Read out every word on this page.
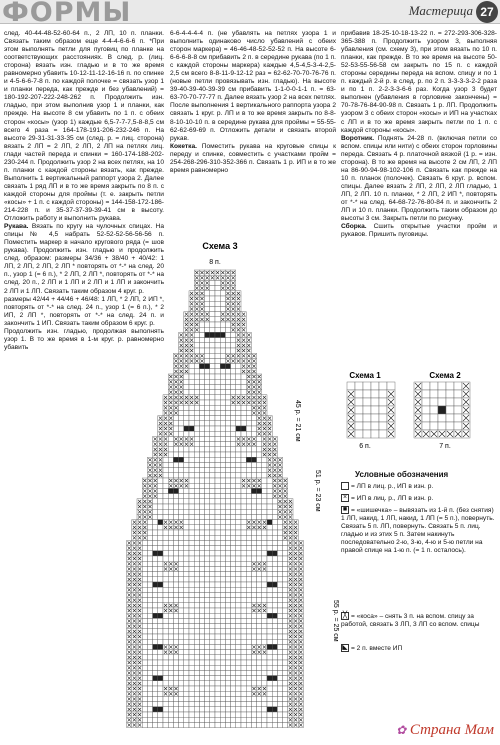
ФОРМЫ	Мастерица 27

след. 40-44-48-52-60-64 п., 2 ЛП, 10 п. планки. Связать таким образом еще 4-4-4-6-6-6 п. *При этом выполнять петли для пуговиц по планке на соответствующих расстояниях. В след. р. (лиц. сторона) вязать изн. гладью и в то же время равномерно убавить 10-12-11-12-16-16 п. по спинке и 4-5-6-6-7-8 п. по каждой полочке = связать узор 1 и планки переда, как прежде и без убавлений) = 180-192-207-222-248-262 п. Продолжить изн. гладью, при этом выполнив узор 1 и планки, как прежде. На высоте 8 см убавить по 1 п. с обеих сторон «косы» (узор 1) каждые 6,5-7-7-7,5-8-8,5 см всего 4 раза = 164-178-191-206-232-246 п. На высоте 29-31-31-33-35 см (след. р. = лиц. сторона) вязать 2 ЛП = 2 ЛП, 2 ЛП, 2 ЛП на петлях лиц. глади частей переда и спинки = 160-174-188-202-230-244 п. Продолжить узор 2 на всех петлях, на 10 п. планки с каждой стороны вязать, как прежде. Выполнить 1 вертикальный раппорт узора 2. Далее связать 1 ряд ЛП и в то же время закрыть по 8 п. с каждой стороны для проймы (т. е. закрыть петли «косы» + 1 п. с каждой стороны) = 144-158-172-186-214-228 п. и 35-37-37-39-39-41 см в высоту. Отложить работу и выполнить рукава.

Рукава. Вязать по кругу на чулочных спицах. На спицы № 4,5 набрать 52-52-52-56-56-56 п. Поместить маркер в начало кругового ряда (= шов рукава). Продолжить изн. гладью и продолжить след. образом: размеры 34/36 + 38/40 + 40/42: 1 ЛП, 2 ЛП, 2 ЛП, 2 ЛП * повторять от *-* на след. 20 п., узор 1 (= 6 п.), * 2 ЛП, 2 ЛП *, повторять от *-* на след. 20 п., 2 ЛП и 1 ЛП и 2 ЛП и 1 ЛП и закончить 2 ЛП и 1 ЛП. Связать таким образом 4 круг. р.

размеры 42/44 + 44/46 + 46/48: 1 ЛП, * 2 ЛП, 2 ИП *, повторять от *-* на след. 24 п., узор 1 (= 6 п.), * 2 ИП, 2 ЛП *, повторять от *-* на след. 24 п. и закончить 1 ИП. Связать таким образом 6 круг. р.

Продолжить изн. гладью, продолжая выполнять узор 1. В то же время в 1-м круг. р. равномерно убавить

6-6-4-4-4-4 п. (не убавлять на петлях узора 1 и выполнить одинаково число убавлений с обеих сторон маркера) = 46-46-48-52-52-52 п. На высоте 6-6-6-6-8-8 см прибавить 2 п. в середине рукава (по 1 п. с каждой стороны маркера) каждые 4,5-4,5-3-4-2,5-2,5 см всего 8-8-11-9-12-12 раз = 62-62-70-70-76-76 п. (новые петли провязывать изн. гладью). На высоте 39-40-39-40-39-39 см прибавить 1-1-0-0-1-1 п. = 63-63-70-70-77-77 п. Далее вязать узор 2 на всех петлях. После выполнения 1 вертикального раппорта узора 2 связать 1 круг. р. ЛП и в то же время закрыть по 8-8-8-10-10-10 п. в середине рукава для проймы = 55-55-62-62-69-69 п. Отложить детали и связать второй рукав.

Кокетка. Поместить рукава на круговые спицы к переду и спинке, совместить с участками пройм = 254-268-296-310-352-366 п. Связать 1 р. ИП и в то же время равномерно

прибавив 18-25-10-18-13-22 п. = 272-293-306-328-365-388 п. Продолжить узором 3, выполняя убавления (см. схему 3), при этом вязать по 10 п. планки, как прежде. В то же время на высоте 50-52-53-55-56-58 см закрыть по 15 п. с каждой стороны середины переда на вспом. спицу и по 1 п. каждый 2-й р. в след. р. по 2 п. 3-3-3-3-2-2 раза и по 1 п. 2-2-3-3-6-6 раз. Когда узор 3 будет выполнен (убавления в горловине закончены) = 70-78-76-84-90-98 п. Связать 1 р. ЛП. Продолжить узором 3 с обеих сторон «косы» и ИП на участках с ЛП и в то же время закрыть петли по 1 п. с каждой стороны «косы».

Воротник. Поднять 24-28 п. (включая петли со вспом. спицы или нити) с обеих сторон горловины переда. Связать 4 р. платочной вязкой (1 р. = изн. сторона). В то же время на высоте 2 см ЛП, 2 ЛП на 86-90-94-98-102-106 п. Связать как прежде на 10 п. планок (полочек). Связать 6 круг. р. вспом. спицы. Далее вязать 2 ЛП, 2 ЛП, 2 ЛП гладью, 1 ЛП, 2 ЛП. 10 п. планки, * 2 ЛП, 2 ИП *, повторять от *-* на след. 64-68-72-76-80-84 п. и закончить 2 ЛП и 10 п. планки. Продолжить таким образом до высоты 3 см. Закрыть петли по рисунку.

Сборка. Сшить открытые участки пройм и рукавов. Пришить пуговицы.

Схема 3
8 п.
45 р. = 21 см
51 р. = 23 см
55 р. = 25 см
Схема 1
6 п.
Схема 2
7 п.
Условные обозначения
= ЛП в лиц. р., ИП в изн. р.
× = ИП в лиц. р., ЛП в изн. р.
■ = «шишечка» – вывязать из 1-й п. (без снятия) 1 ЛП, накид, 1 ЛП, накид, 1 ЛП (= 5 п.), повернуть. Связать 5 п. ЛП, повернуть. Связать 5 п. лиц. гладью и из этих 5 п. Затем накинуть последовательно 2-ю, 3-ю, 4-ю и 5-ю петли на правой спице на 1-ю п. (= 1 п. осталось).
╳ = «коса» – снять 3 п. на вспом. спицу за работой, связать 3 ЛП, 3 ЛП со вспом. спицы
◣ = 2 п. вместе ИП
✿ Страна Мам
